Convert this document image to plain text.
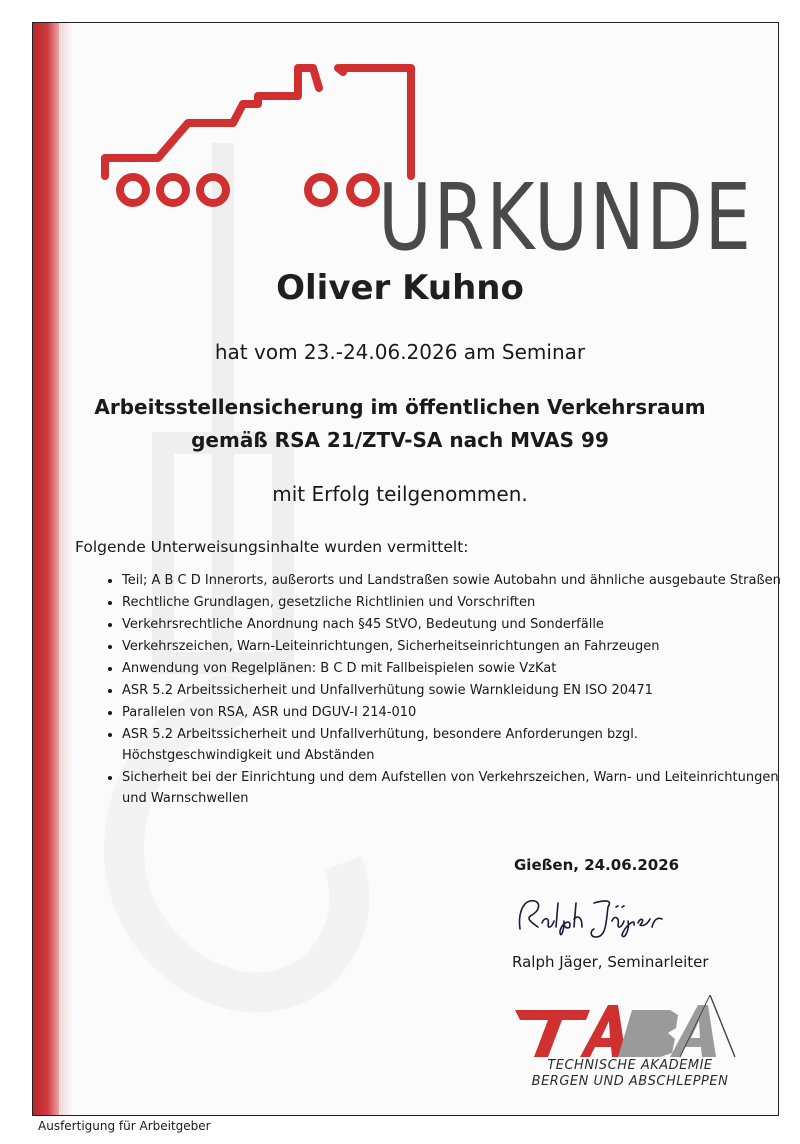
URKUNDE
Oliver Kuhno
hat vom 23.-24.06.2026 am Seminar
Arbeitsstellensicherung im öffentlichen Verkehrsraum
gemäß RSA 21/ZTV-SA nach MVAS 99
mit Erfolg teilgenommen.
Folgende Unterweisungsinhalte wurden vermittelt:
• Teil; A B C D Innerorts, außerorts und Landstraßen sowie Autobahn und ähnliche ausgebaute Straßen
• Rechtliche Grundlagen, gesetzliche Richtlinien und Vorschriften
• Verkehrsrechtliche Anordnung nach §45 StVO, Bedeutung und Sonderfälle
• Verkehrszeichen, Warn-Leiteinrichtungen, Sicherheitseinrichtungen an Fahrzeugen
• Anwendung von Regelplänen: B C D mit Fallbeispielen sowie VzKat
• ASR 5.2 Arbeitssicherheit und Unfallverhütung sowie Warnkleidung EN ISO 20471
• Parallelen von RSA, ASR und DGUV-I 214-010
• ASR 5.2 Arbeitssicherheit und Unfallverhütung, besondere Anforderungen bzgl. Höchstgeschwindigkeit und Abständen
• Sicherheit bei der Einrichtung und dem Aufstellen von Verkehrszeichen, Warn- und Leiteinrichtungen und Warnschwellen
Gießen, 24.06.2026
Ralph Jäger, Seminarleiter
TECHNISCHE AKADEMIE
BERGEN UND ABSCHLEPPEN
Ausfertigung für Arbeitgeber
